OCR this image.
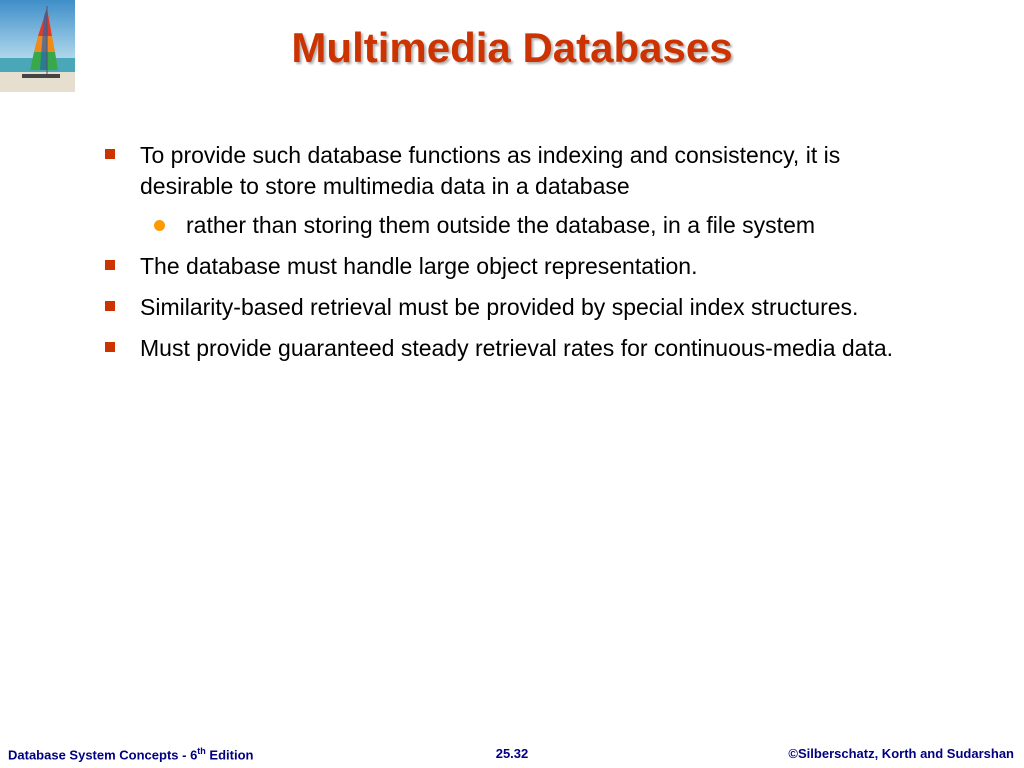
Multimedia Databases
To provide such database functions as indexing and consistency, it is desirable to store multimedia data in a database
rather than storing them outside the database, in a file system
The database must handle large object representation.
Similarity-based retrieval must be provided by special index structures.
Must provide guaranteed steady retrieval rates for continuous-media data.
Database System Concepts - 6th Edition	25.32	©Silberschatz, Korth and Sudarshan
